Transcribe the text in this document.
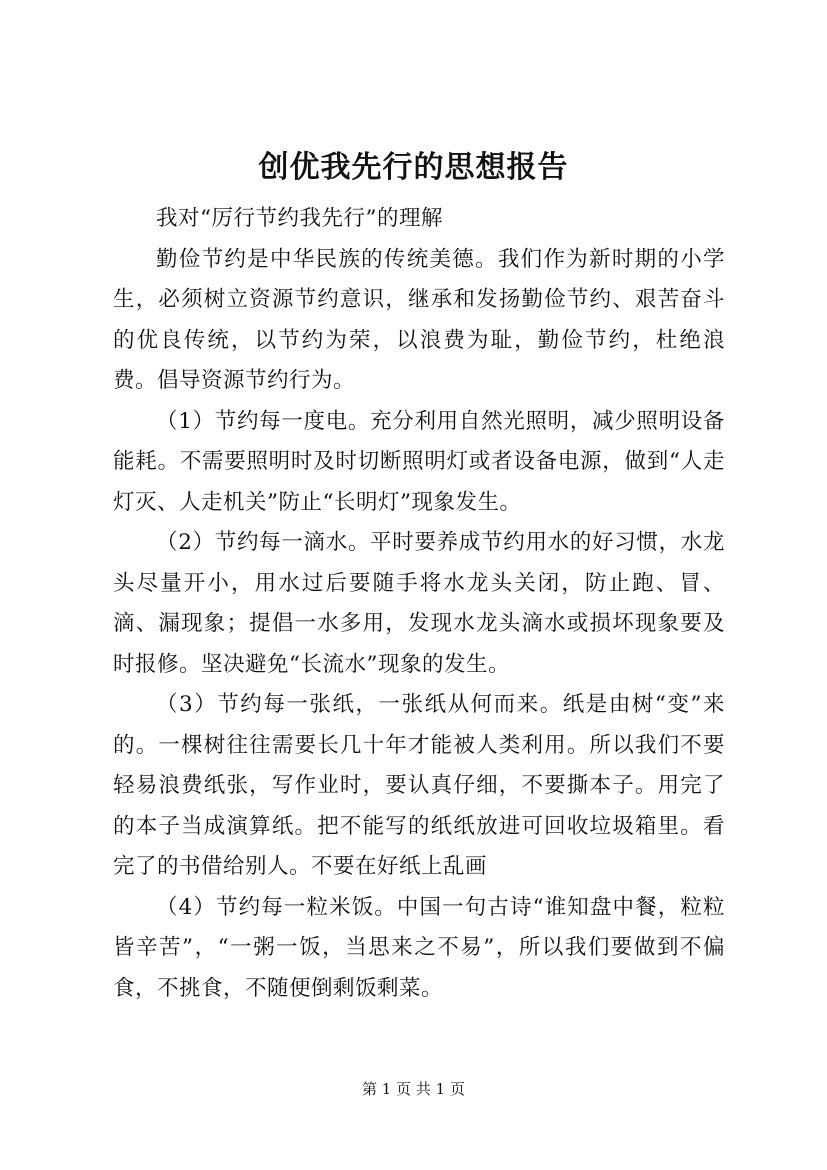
创优我先行的思想报告

我对“厉行节约我先行”的理解

勤俭节约是中华民族的传统美德。我们作为新时期的小学生，必须树立资源节约意识，继承和发扬勤俭节约、艰苦奋斗的优良传统，以节约为荣，以浪费为耻，勤俭节约，杜绝浪费。倡导资源节约行为。

（1）节约每一度电。充分利用自然光照明，减少照明设备能耗。不需要照明时及时切断照明灯或者设备电源，做到“人走灯灭、人走机关”防止“长明灯”现象发生。

（2）节约每一滴水。平时要养成节约用水的好习惯，水龙头尽量开小，用水过后要随手将水龙头关闭，防止跑、冒、滴、漏现象；提倡一水多用，发现水龙头滴水或损坏现象要及时报修。坚决避免“长流水”现象的发生。

（3）节约每一张纸，一张纸从何而来。纸是由树“变”来的。一棵树往往需要长几十年才能被人类利用。所以我们不要轻易浪费纸张，写作业时，要认真仔细，不要撕本子。用完了的本子当成演算纸。把不能写的纸纸放进可回收垃圾箱里。看完了的书借给别人。不要在好纸上乱画

（4）节约每一粒米饭。中国一句古诗“谁知盘中餐，粒粒皆辛苦”，“一粥一饭，当思来之不易”，所以我们要做到不偏食，不挑食，不随便倒剩饭剩菜。

第 1 页 共 1 页
